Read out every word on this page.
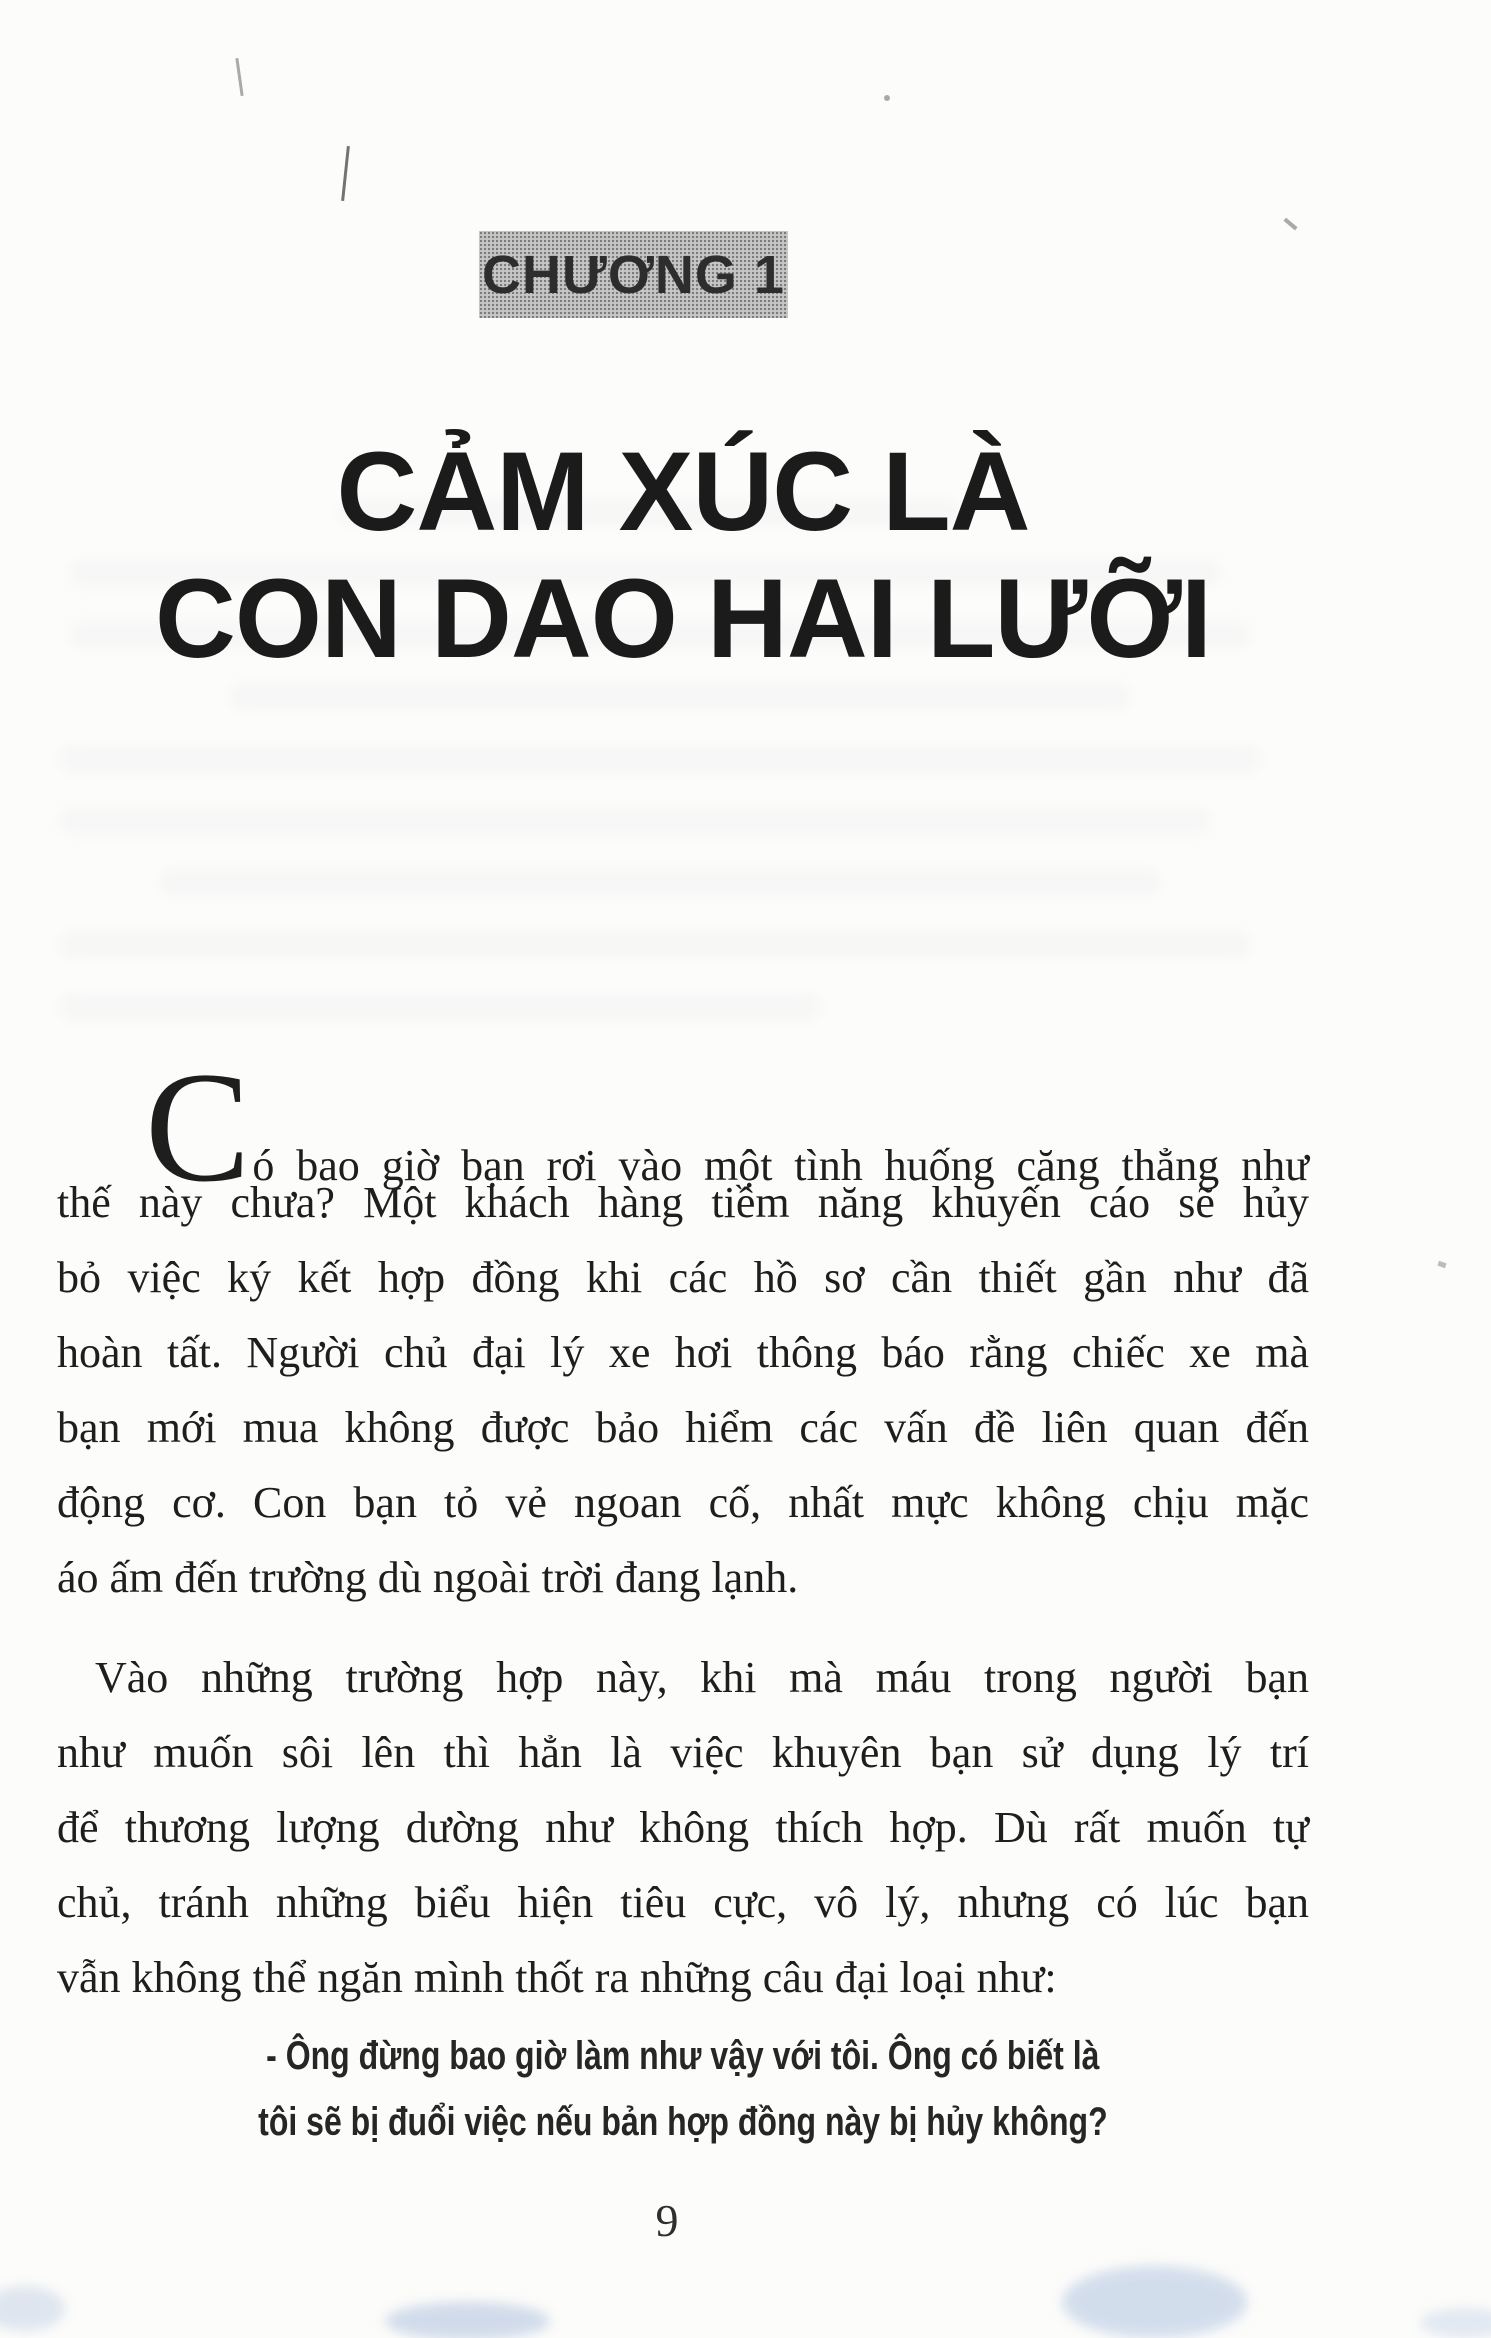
CHƯƠNG 1
CẢM XÚC LÀ
CON DAO HAI LƯỠI
Có bao giờ bạn rơi vào một tình huống căng thẳng như
thế này chưa? Một khách hàng tiềm năng khuyến cáo sẽ hủy
bỏ việc ký kết hợp đồng khi các hồ sơ cần thiết gần như đã
hoàn tất. Người chủ đại lý xe hơi thông báo rằng chiếc xe mà
bạn mới mua không được bảo hiểm các vấn đề liên quan đến
động cơ. Con bạn tỏ vẻ ngoan cố, nhất mực không chịu mặc
áo ấm đến trường dù ngoài trời đang lạnh.
Vào những trường hợp này, khi mà máu trong người bạn
như muốn sôi lên thì hẳn là việc khuyên bạn sử dụng lý trí
để thương lượng dường như không thích hợp. Dù rất muốn tự
chủ, tránh những biểu hiện tiêu cực, vô lý, nhưng có lúc bạn
vẫn không thể ngăn mình thốt ra những câu đại loại như:
- Ông đừng bao giờ làm như vậy với tôi. Ông có biết là
tôi sẽ bị đuổi việc nếu bản hợp đồng này bị hủy không?
9
